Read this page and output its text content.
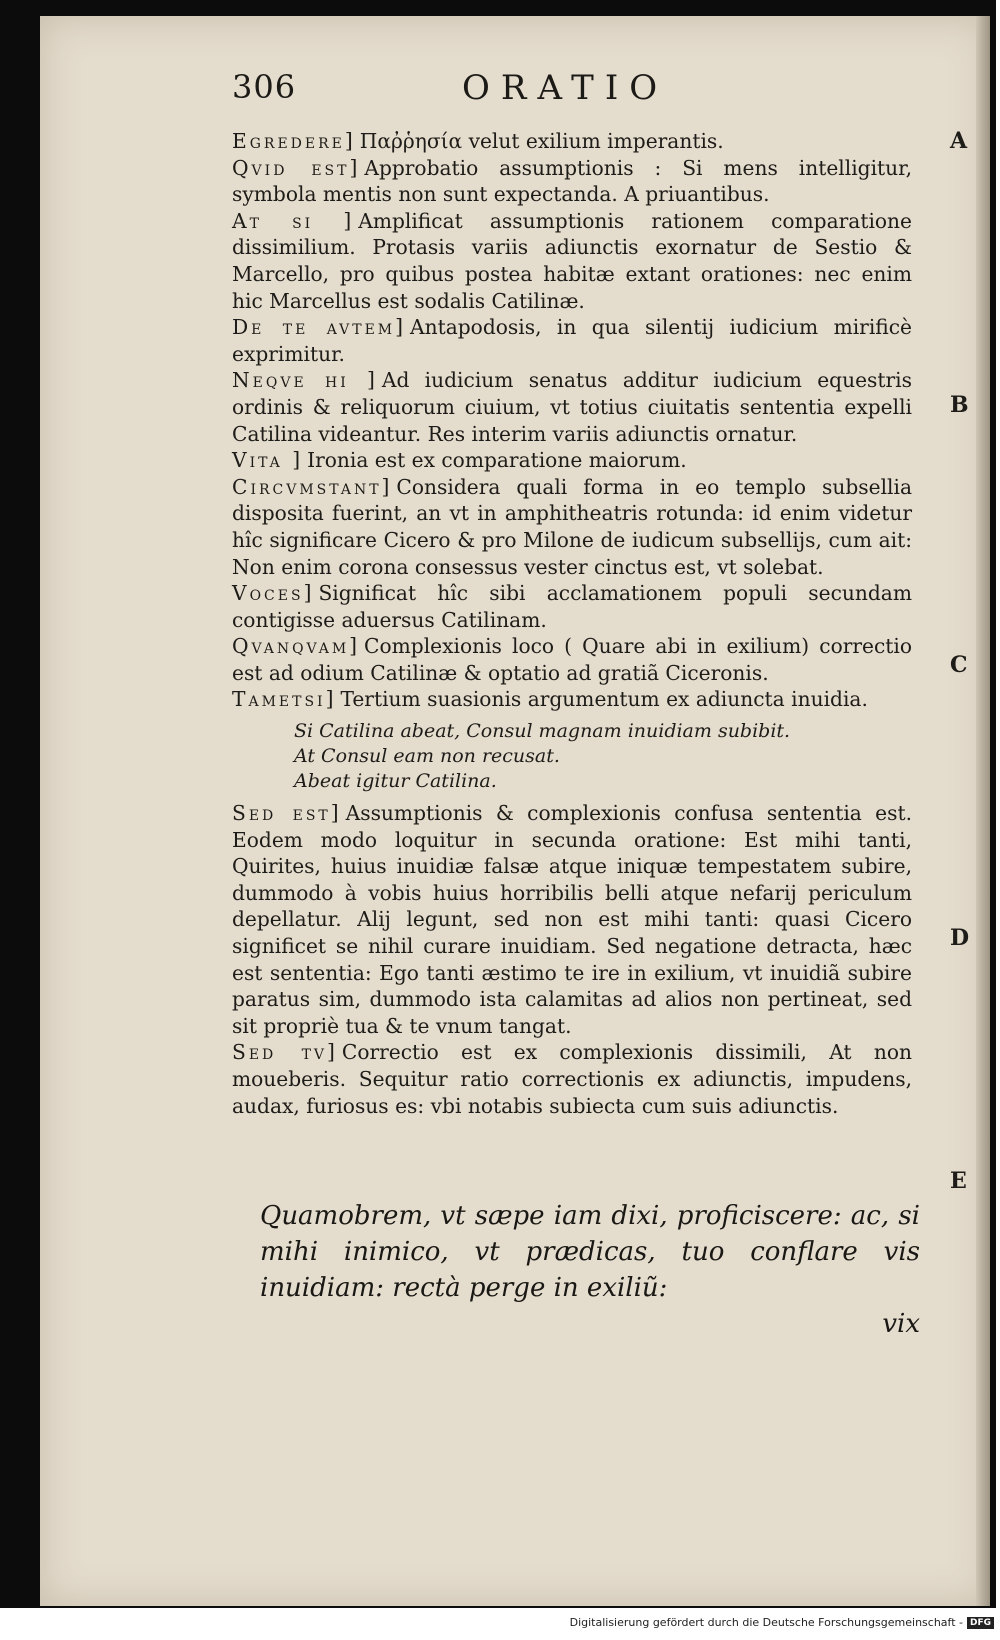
306	ORATIO

Egredere] Παῤῥησία velut exilium imperantis.

Qvid est] Approbatio assumptionis : Si mens intelligitur, symbola mentis non sunt expectanda. A priuantibus.

At si ] Amplificat assumptionis rationem comparatione dissimilium. Protasis variis adiunctis exornatur de Sestio & Marcello, pro quibus postea habitæ extant orationes: nec enim hic Marcellus est sodalis Catilinæ.

De te avtem] Antapodosis, in qua silentij iudicium mirificè exprimitur.

Neqve hi ] Ad iudicium senatus additur iudicium equestris ordinis & reliquorum ciuium, vt totius ciuitatis sententia expelli Catilina videantur. Res interim variis adiunctis ornatur.

Vita ] Ironia est ex comparatione maiorum.

Circvmstant] Considera quali forma in eo templo subsellia disposita fuerint, an vt in amphitheatris rotunda: id enim videtur hîc significare Cicero & pro Milone de iudicum subsellijs, cum ait: Non enim corona consessus vester cinctus est, vt solebat.

Voces] Significat hîc sibi acclamationem populi secundam contigisse aduersus Catilinam.

Qvanqvam] Complexionis loco ( Quare abi in exilium) correctio est ad odium Catilinæ & optatio ad gratiã Ciceronis.

Tametsi] Tertium suasionis argumentum ex adiuncta inuidia.

Si Catilina abeat, Consul magnam inuidiam subibit.
At Consul eam non recusat.
Abeat igitur Catilina.

Sed est] Assumptionis & complexionis confusa sententia est. Eodem modo loquitur in secunda oratione: Est mihi tanti, Quirites, huius inuidiæ falsæ atque iniquæ tempestatem subire, dummodo à vobis huius horribilis belli atque nefarij periculum depellatur. Alij legunt, sed non est mihi tanti: quasi Cicero significet se nihil curare inuidiam. Sed negatione detracta, hæc est sententia: Ego tanti æstimo te ire in exilium, vt inuidiã subire paratus sim, dummodo ista calamitas ad alios non pertineat, sed sit propriè tua & te vnum tangat.

Sed tv] Correctio est ex complexionis dissimili, At non moueberis. Sequitur ratio correctionis ex adiunctis, impudens, audax, furiosus es: vbi notabis subiecta cum suis adiunctis.

Quamobrem, vt sæpe iam dixi, proficiscere: ac, si mihi inimico, vt prædicas, tuo conflare vis inuidiam: rectà perge in exiliũ:
vix
A
B
C
D
E
Digitalisierung gefördert durch die Deutsche Forschungsgemeinschaft - DFG
